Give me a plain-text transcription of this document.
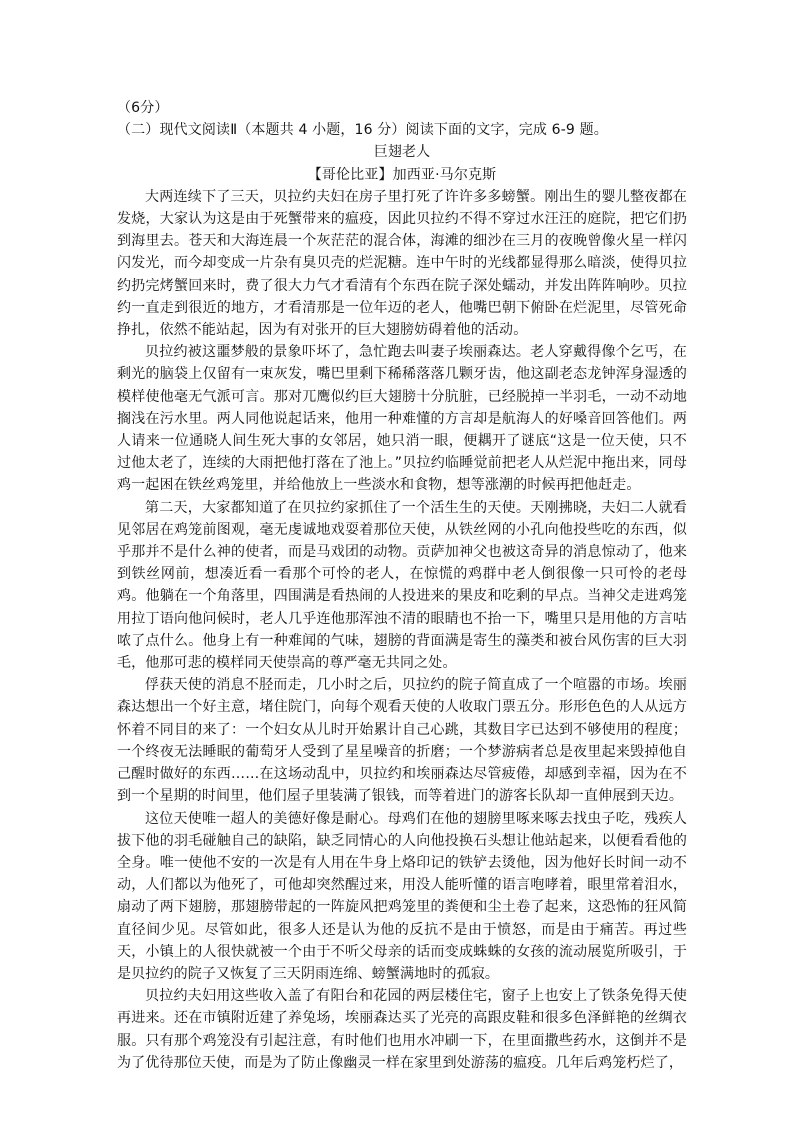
（6分）

（二）现代文阅读Ⅱ（本题共 4 小题，16 分）阅读下面的文字，完成 6-9 题。

巨翅老人

【哥伦比亚】加西亚·马尔克斯

大两连续下了三天，贝拉约夫妇在房子里打死了许许多多螃蟹。刚出生的婴儿整夜都在发烧，大家认为这是由于死蟹带来的瘟疫，因此贝拉约不得不穿过水汪汪的庭院，把它们扔到海里去。苍天和大海连晨一个灰茫茫的混合体，海滩的细沙在三月的夜晚曾像火星一样闪闪发光，而今却变成一片杂有臭贝壳的烂泥糖。连中午时的光线都显得那么暗淡，使得贝拉约扔完烤蟹回来时，费了很大力气才看清有个东西在院子深处蠕动，并发出阵阵响吵。贝拉约一直走到很近的地方，才看清那是一位年迈的老人，他嘴巴朝下俯卧在烂泥里，尽管死命挣扎，依然不能站起，因为有对张开的巨大翅膀妨碍着他的活动。

贝拉约被这噩梦般的景象吓坏了，急忙跑去叫妻子埃丽森达。老人穿戴得像个乞丐，在剩光的脑袋上仅留有一束灰发，嘴巴里剩下稀稀落落几颗牙齿，他这副老态龙钟浑身湿透的模样使他毫无气派可言。那对兀鹰似约巨大翅膀十分肮脏，已经脱掉一半羽毛，一动不动地搁浅在污水里。两人同他说起话来，他用一种难懂的方言却是航海人的好嗓音回答他们。两人请来一位通晓人间生死大事的女邻居，她只消一眼，便耦开了谜底“这是一位天使，只不过他太老了，连续的大雨把他打落在了池上。”贝拉约临睡觉前把老人从烂泥中拖出来，同母鸡一起困在铁丝鸡笼里，并给他放上一些淡水和食物，想等涨潮的时候再把他赶走。

第二天，大家都知道了在贝拉约家抓住了一个活生生的天使。天刚拂晓，夫妇二人就看见邻居在鸡笼前图观，毫无虔诚地戏耍着那位天使，从铁丝网的小孔向他投些吃的东西，似乎那并不是什么神的使者，而是马戏团的动物。贡萨加神父也被这奇异的消息惊动了，他来到铁丝网前，想凑近看一看那个可怜的老人，在惊慌的鸡群中老人倒很像一只可怜的老母鸡。他躺在一个角落里，四围满是看热闹的人投进来的果皮和吃剩的早点。当神父走进鸡笼用拉丁语向他问候时，老人几乎连他那浑浊不清的眼睛也不抬一下，嘴里只是用他的方言咕哝了点什么。他身上有一种难闻的气味，翅膀的背面满是寄生的藻类和被台风伤害的巨大羽毛，他那可悲的模样同天使崇高的尊严毫无共同之处。

俘获天使的消息不胫而走，几小时之后，贝拉约的院子简直成了一个喧嚣的市场。埃丽森达想出一个好主意，堵住院门，向每个观看天使的人收取门票五分。形形色色的人从远方怀着不同目的来了：一个妇女从儿时开始累计自己心跳，其数目字已达到不够使用的程度；一个终夜无法睡眠的葡萄牙人受到了星星噪音的折磨；一个梦游病者总是夜里起来毁掉他自己醒时做好的东西……在这场动乱中，贝拉约和埃丽森达尽管疲倦，却感到幸福，因为在不到一个星期的时间里，他们屋子里装满了银钱，而等着进门的游客长队却一直伸展到天边。

这位天使唯一超人的美德好像是耐心。母鸡们在他的翅膀里啄来啄去找虫子吃，残疾人拔下他的羽毛碰触自己的缺陷，缺乏同情心的人向他投换石头想让他站起来，以便看看他的全身。唯一使他不安的一次是有人用在牛身上烙印记的铁铲去烫他，因为他好长时间一动不动，人们都以为他死了，可他却突然醒过来，用没人能听懂的语言咆哮着，眼里常着泪水，扇动了两下翅膀，那翅膀带起的一阵旋风把鸡笼里的粪便和尘土卷了起来，这恐怖的狂风简直径间少见。尽管如此，很多人还是认为他的反抗不是由于愤怒，而是由于痛苦。再过些天，小镇上的人很快就被一个由于不听父母亲的话而变成蛛蛛的女孩的流动展览所吸引，于是贝拉约的院子又恢复了三天阴雨连绵、螃蟹满地时的孤寂。

贝拉约夫妇用这些收入盖了有阳台和花园的两层楼住宅，窗子上也安上了铁条免得天使再进来。还在市镇附近建了养兔场，埃丽森达买了光亮的高跟皮鞋和很多色泽鲜艳的丝绸衣服。只有那个鸡笼没有引起注意，有时他们也用水冲刷一下，在里面撒些药水，这倒并不是为了优待那位天使，而是为了防止像幽灵一样在家里到处游荡的瘟疫。几年后鸡笼朽烂了，
